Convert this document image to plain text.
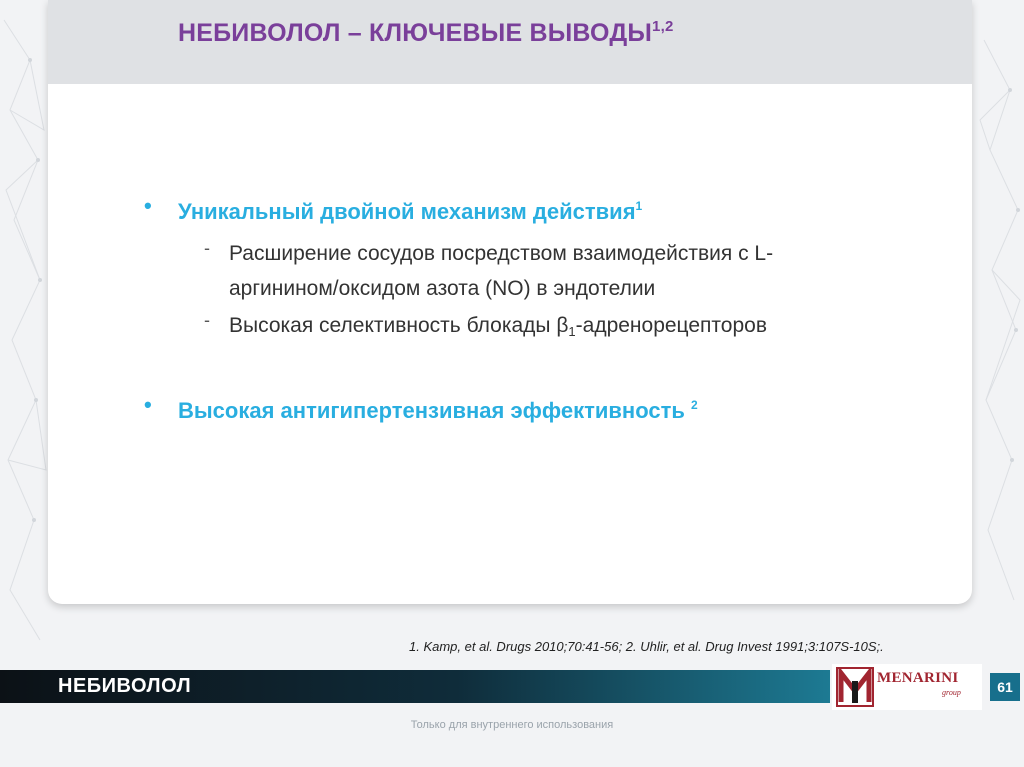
НЕБИВОЛОЛ – КЛЮЧЕВЫЕ ВЫВОДЫ$^{1,2}$

• Уникальный двойной механизм действия$^1$

- Расширение сосудов посредством взаимодействия с L-аргинином/оксидом азота (NO) в эндотелии

- Высокая селективность блокады $\beta_1$-адренорецепторов

• Высокая антигипертензивная эффективность $^2$

1. Kamp, et al. Drugs 2010;70:41-56; 2. Uhlir, et al. Drug Invest 1991;3:107S-10S;.

НЕБИВОЛОЛ	MENARINI

group	61

Только для внутреннего использования
